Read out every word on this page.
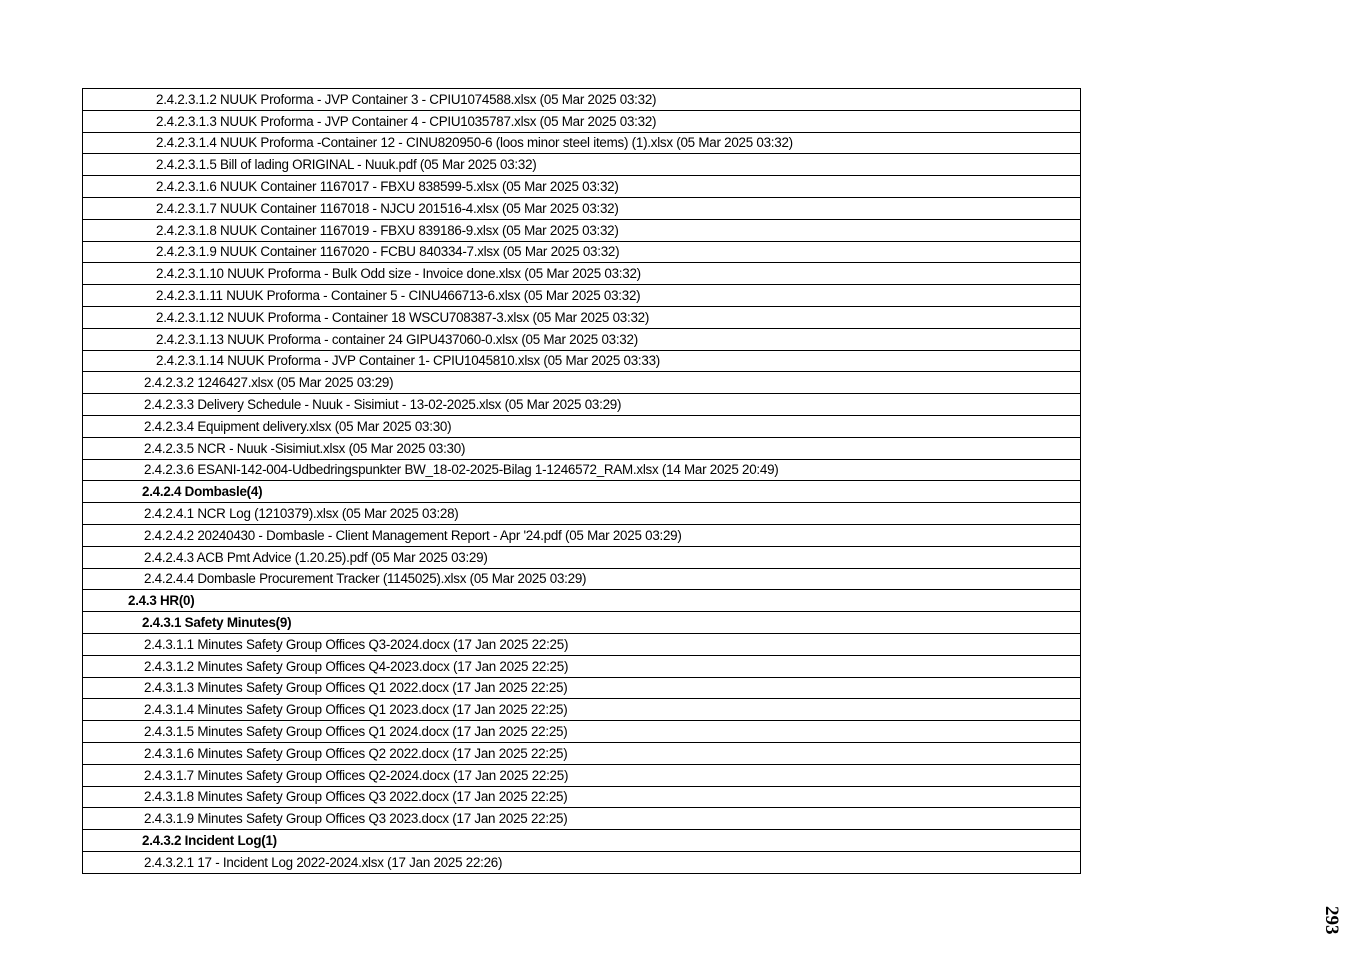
2.4.2.3.1.2 NUUK Proforma - JVP Container 3 - CPIU1074588.xlsx (05 Mar 2025 03:32)
2.4.2.3.1.3 NUUK Proforma - JVP Container 4 - CPIU1035787.xlsx (05 Mar 2025 03:32)
2.4.2.3.1.4 NUUK Proforma -Container 12 - CINU820950-6 (loos minor steel items) (1).xlsx (05 Mar 2025 03:32)
2.4.2.3.1.5 Bill of lading ORIGINAL - Nuuk.pdf (05 Mar 2025 03:32)
2.4.2.3.1.6 NUUK Container 1167017 - FBXU 838599-5.xlsx (05 Mar 2025 03:32)
2.4.2.3.1.7 NUUK Container 1167018 - NJCU 201516-4.xlsx (05 Mar 2025 03:32)
2.4.2.3.1.8 NUUK Container 1167019 - FBXU 839186-9.xlsx (05 Mar 2025 03:32)
2.4.2.3.1.9 NUUK Container 1167020 - FCBU 840334-7.xlsx (05 Mar 2025 03:32)
2.4.2.3.1.10 NUUK Proforma - Bulk Odd size - Invoice done.xlsx (05 Mar 2025 03:32)
2.4.2.3.1.11 NUUK Proforma - Container 5 - CINU466713-6.xlsx (05 Mar 2025 03:32)
2.4.2.3.1.12 NUUK Proforma - Container 18 WSCU708387-3.xlsx (05 Mar 2025 03:32)
2.4.2.3.1.13 NUUK Proforma - container 24 GIPU437060-0.xlsx (05 Mar 2025 03:32)
2.4.2.3.1.14 NUUK Proforma - JVP Container 1- CPIU1045810.xlsx (05 Mar 2025 03:33)
2.4.2.3.2 1246427.xlsx (05 Mar 2025 03:29)
2.4.2.3.3 Delivery Schedule - Nuuk - Sisimiut - 13-02-2025.xlsx (05 Mar 2025 03:29)
2.4.2.3.4 Equipment delivery.xlsx (05 Mar 2025 03:30)
2.4.2.3.5 NCR - Nuuk -Sisimiut.xlsx (05 Mar 2025 03:30)
2.4.2.3.6 ESANI-142-004-Udbedringspunkter BW_18-02-2025-Bilag 1-1246572_RAM.xlsx (14 Mar 2025 20:49)
2.4.2.4 Dombasle(4)
2.4.2.4.1 NCR Log (1210379).xlsx (05 Mar 2025 03:28)
2.4.2.4.2 20240430 - Dombasle - Client Management Report - Apr '24.pdf (05 Mar 2025 03:29)
2.4.2.4.3 ACB Pmt Advice (1.20.25).pdf (05 Mar 2025 03:29)
2.4.2.4.4 Dombasle Procurement Tracker (1145025).xlsx (05 Mar 2025 03:29)
2.4.3 HR(0)
2.4.3.1 Safety Minutes(9)
2.4.3.1.1 Minutes Safety Group Offices Q3-2024.docx (17 Jan 2025 22:25)
2.4.3.1.2 Minutes Safety Group Offices Q4-2023.docx (17 Jan 2025 22:25)
2.4.3.1.3 Minutes Safety Group Offices Q1 2022.docx (17 Jan 2025 22:25)
2.4.3.1.4 Minutes Safety Group Offices Q1 2023.docx (17 Jan 2025 22:25)
2.4.3.1.5 Minutes Safety Group Offices Q1 2024.docx (17 Jan 2025 22:25)
2.4.3.1.6 Minutes Safety Group Offices Q2 2022.docx (17 Jan 2025 22:25)
2.4.3.1.7 Minutes Safety Group Offices Q2-2024.docx (17 Jan 2025 22:25)
2.4.3.1.8 Minutes Safety Group Offices Q3 2022.docx (17 Jan 2025 22:25)
2.4.3.1.9 Minutes Safety Group Offices Q3 2023.docx (17 Jan 2025 22:25)
2.4.3.2 Incident Log(1)
2.4.3.2.1 17 - Incident Log 2022-2024.xlsx (17 Jan 2025 22:26)
293
